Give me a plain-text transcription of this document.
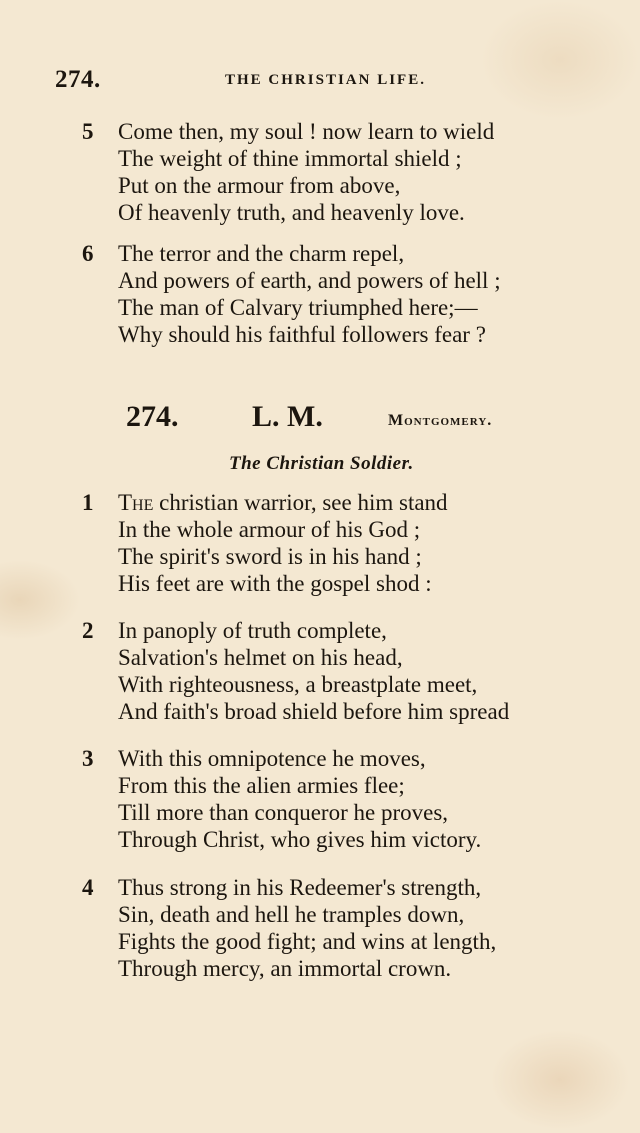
274.	THE CHRISTIAN LIFE.
5 Come then, my soul ! now learn to wield
The weight of thine immortal shield ;
Put on the armour from above,
Of heavenly truth, and heavenly love.
6 The terror and the charm repel,
And powers of earth, and powers of hell ;
The man of Calvary triumphed here;—
Why should his faithful followers fear ?
274. L. M.	Montgomery.
The Christian Soldier.
1 The christian warrior, see him stand
In the whole armour of his God ;
The spirit's sword is in his hand ;
His feet are with the gospel shod :
2 In panoply of truth complete,
Salvation's helmet on his head,
With righteousness, a breastplate meet,
And faith's broad shield before him spread
3 With this omnipotence he moves,
From this the alien armies flee;
Till more than conqueror he proves,
Through Christ, who gives him victory.
4 Thus strong in his Redeemer's strength,
Sin, death and hell he tramples down,
Fights the good fight; and wins at length,
Through mercy, an immortal crown.
